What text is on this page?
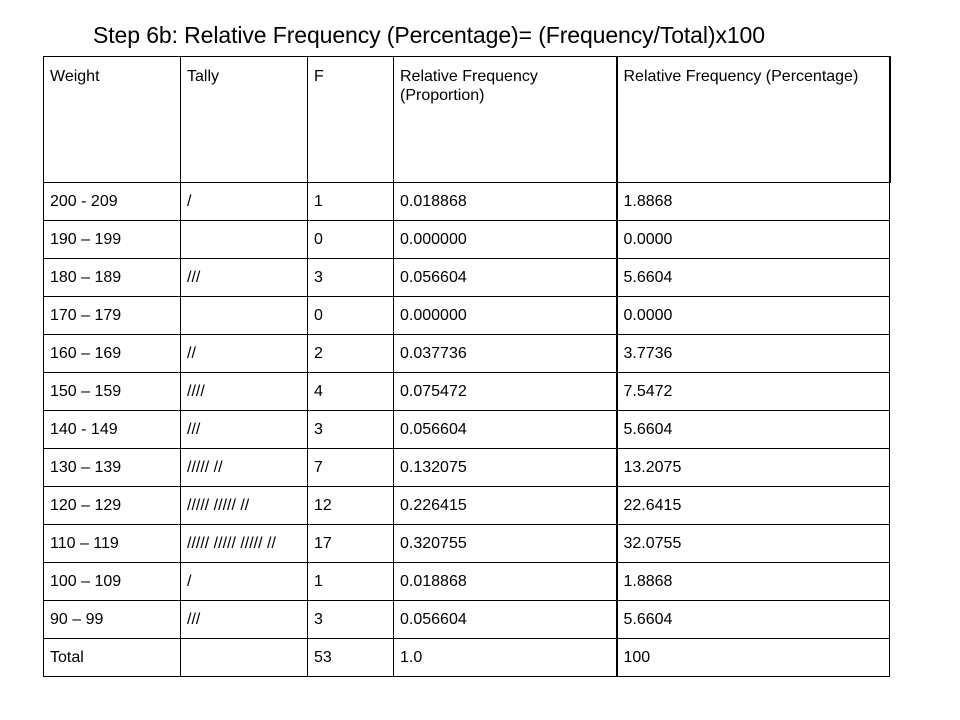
Step 6b: Relative Frequency (Percentage)= (Frequency/Total)x100
Weight	Tally	F	Relative Frequency (Proportion)	Relative Frequency (Percentage)
200 - 209	/	1	0.018868	1.8868
190 – 199		0	0.000000	0.0000
180 – 189	///	3	0.056604	5.6604
170 – 179		0	0.000000	0.0000
160 – 169	//	2	0.037736	3.7736
150 – 159	////	4	0.075472	7.5472
140 - 149	///	3	0.056604	5.6604
130 – 139	///// //	7	0.132075	13.2075
120 – 129	///// ///// //	12	0.226415	22.6415
110 – 119	///// ///// ///// //	17	0.320755	32.0755
100 – 109	/	1	0.018868	1.8868
90 – 99	///	3	0.056604	5.6604
Total		53	1.0	100
